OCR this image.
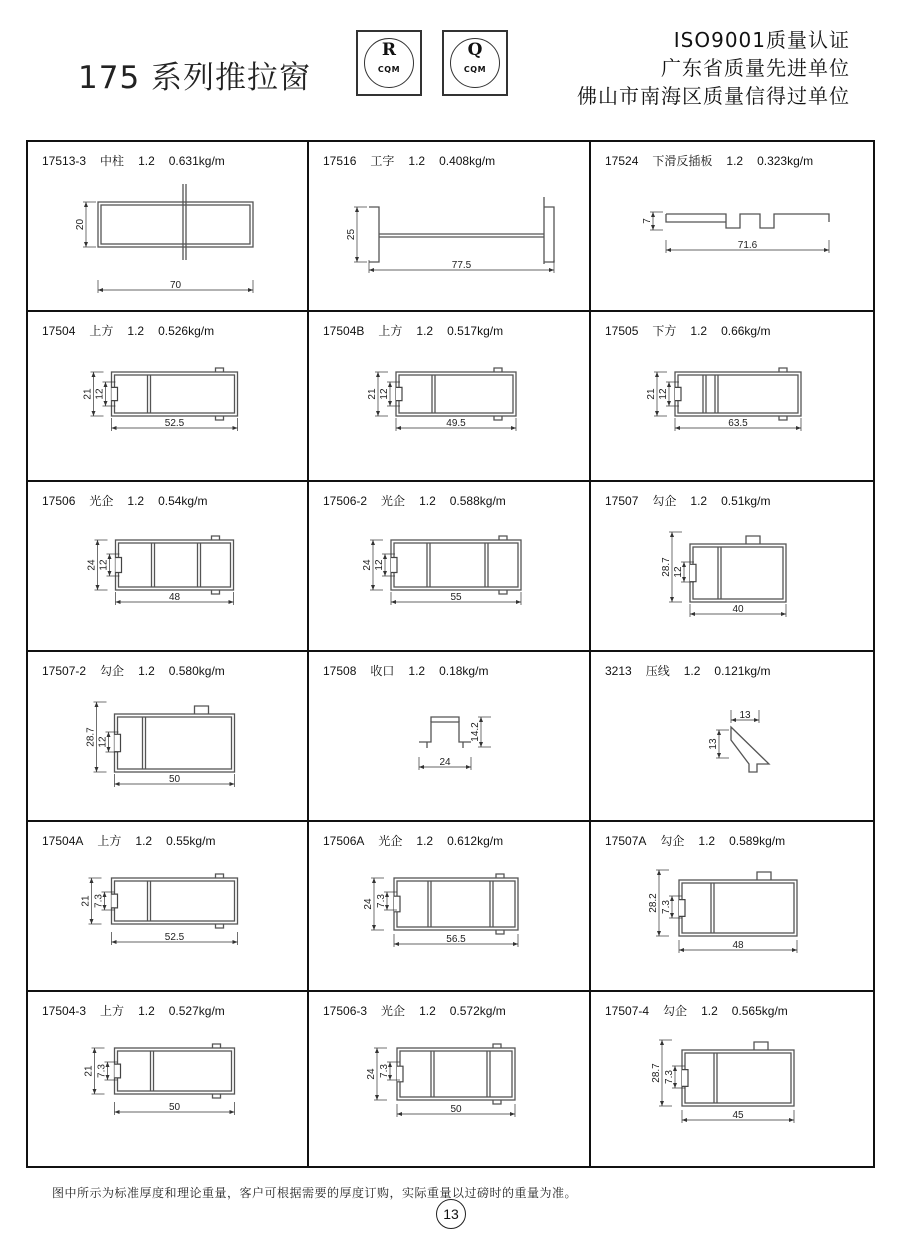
175 系列推拉窗
R
CQM
Q
CQM
ISO9001质量认证
广东省质量先进单位
佛山市南海区质量信得过单位
17513-3 中柱 1.2 0.631kg/m
20
70
17516 工字 1.2 0.408kg/m
25
77.5
17524 下滑反插板 1.2 0.323kg/m
7
71.6
17504 上方 1.2 0.526kg/m
21 12
52.5
17504B 上方 1.2 0.517kg/m
21 12
49.5
17505 下方 1.2 0.66kg/m
21 12
63.5
17506 光企 1.2 0.54kg/m
24 12
48
17506-2 光企 1.2 0.588kg/m
24 12
55
17507 勾企 1.2 0.51kg/m
28.7 12
40
17507-2 勾企 1.2 0.580kg/m
28.7 12
50
17508 收口 1.2 0.18kg/m
14.2
24
3213 压线 1.2 0.121kg/m
13
13
17504A 上方 1.2 0.55kg/m
21 7.3
52.5
17506A 光企 1.2 0.612kg/m
24 7.3
56.5
17507A 勾企 1.2 0.589kg/m
28.2 7.3
48
17504-3 上方 1.2 0.527kg/m
21 7.3
50
17506-3 光企 1.2 0.572kg/m
24 7.3
50
17507-4 勾企 1.2 0.565kg/m
28.7 7.3
45
图中所示为标准厚度和理论重量，客户可根据需要的厚度订购，实际重量以过磅时的重量为准。
13
